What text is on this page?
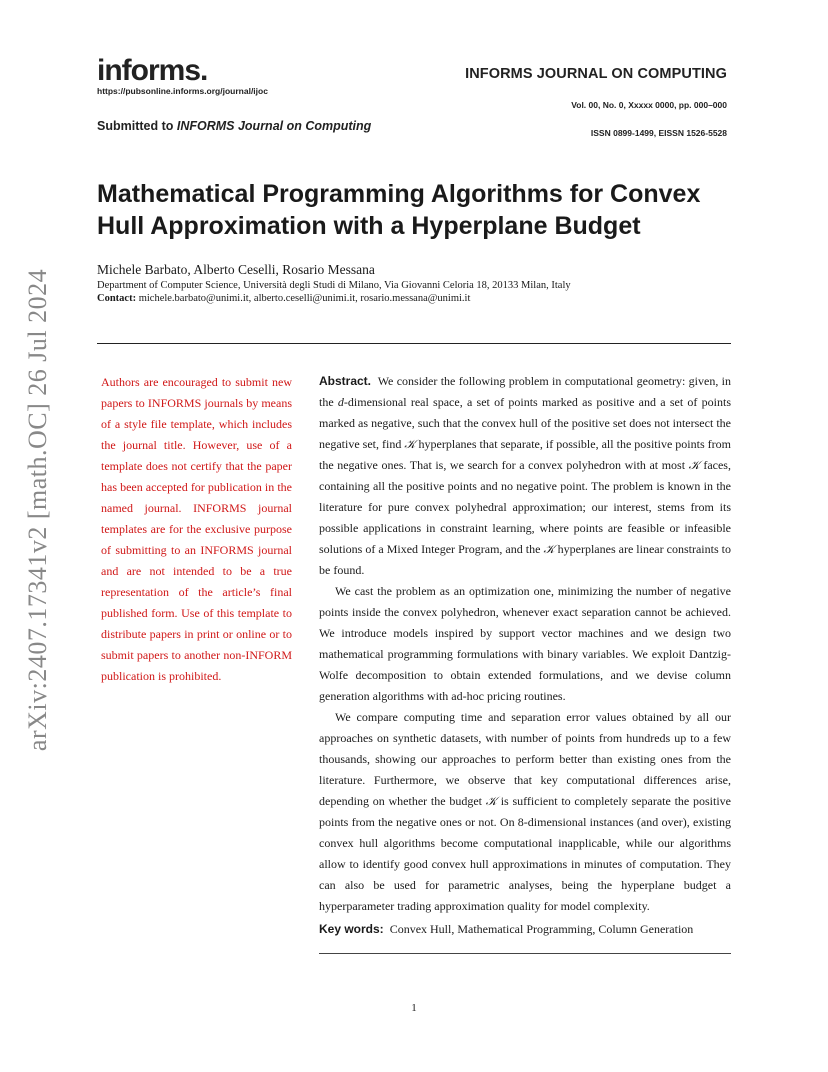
informs.
https://pubsonline.informs.org/journal/ijoc
INFORMS JOURNAL ON COMPUTING
Vol. 00, No. 0, Xxxxx 0000, pp. 000–000
ISSN 0899-1499, EISSN 1526-5528
Submitted to INFORMS Journal on Computing
Mathematical Programming Algorithms for Convex
Hull Approximation with a Hyperplane Budget
Michele Barbato, Alberto Ceselli, Rosario Messana
Department of Computer Science, Università degli Studi di Milano, Via Giovanni Celoria 18, 20133 Milan, Italy
Contact: michele.barbato@unimi.it, alberto.ceselli@unimi.it, rosario.messana@unimi.it
arXiv:2407.17341v2 [math.OC] 26 Jul 2024	Authors are encouraged to submit new papers to INFORMS journals by means of a style file template, which includes the journal title. However, use of a template does not certify that the paper has been accepted for publication in the named journal. INFORMS journal templates are for the exclusive purpose of submitting to an INFORMS journal and are not intended to be a true representation of the article’s final published form. Use of this template to distribute papers in print or online or to submit papers to another non-INFORM publication is prohibited.

Abstract. We consider the following problem in computational geometry: given, in the d-dimensional real space, a set of points marked as positive and a set of points marked as negative, such that the convex hull of the positive set does not intersect the negative set, find 𝒦 hyperplanes that separate, if possible, all the positive points from the negative ones. That is, we search for a convex polyhedron with at most 𝒦 faces, containing all the positive points and no negative point. The problem is known in the literature for pure convex polyhedral approximation; our interest, stems from its possible applications in constraint learning, where points are feasible or infeasible solutions of a Mixed Integer Program, and the 𝒦 hyperplanes are linear constraints to be found.

We cast the problem as an optimization one, minimizing the number of negative points inside the convex polyhedron, whenever exact separation cannot be achieved. We introduce models inspired by support vector machines and we design two mathematical programming formulations with binary variables. We exploit Dantzig-Wolfe decomposition to obtain extended formulations, and we devise column generation algorithms with ad-hoc pricing routines.

We compare computing time and separation error values obtained by all our approaches on synthetic datasets, with number of points from hundreds up to a few thousands, showing our approaches to perform better than existing ones from the literature. Furthermore, we observe that key computational differences arise, depending on whether the budget 𝒦 is sufficient to completely separate the positive points from the negative ones or not. On 8-dimensional instances (and over), existing convex hull algorithms become computational inapplicable, while our algorithms allow to identify good convex hull approximations in minutes of computation. They can also be used for parametric analyses, being the hyperplane budget a hyperparameter trading approximation quality for model complexity.

Key words: Convex Hull, Mathematical Programming, Column Generation
1
